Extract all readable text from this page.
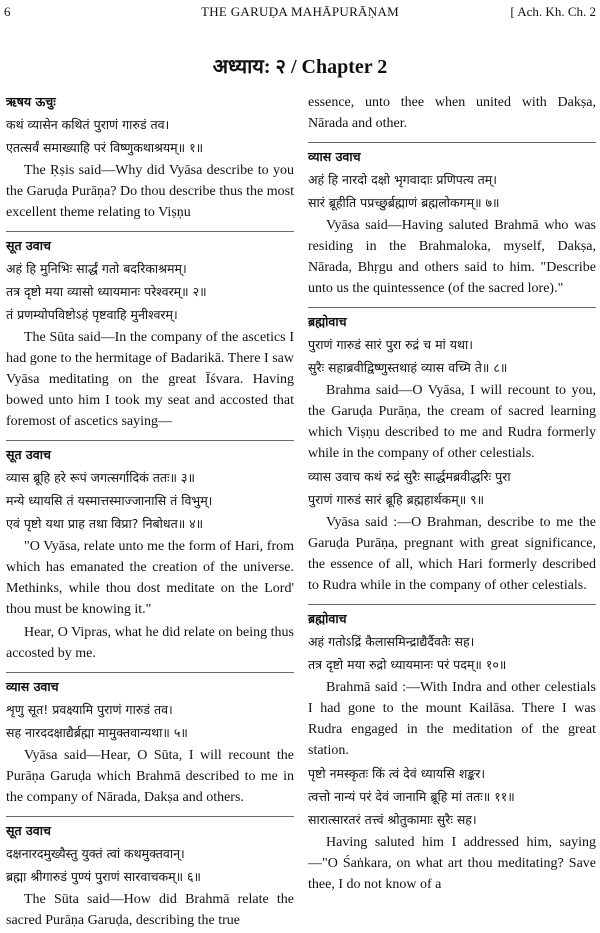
6	THE GARUḌA MAHĀPURĀṆAM	[ Ach. Kh. Ch. 2
अध्याय: २ / Chapter 2

ऋषय ऊचुः

कथं व्यासेन कथितं पुराणं गारुडं तव।

एतत्सर्वं समाख्याहि परं विष्णुकथाश्रयम्॥ १॥

The Ṛṣis said—Why did Vyāsa describe to you the Garuḍa Purāṇa? Do thou describe thus the most excellent theme relating to Viṣṇu

सूत उवाच

अहं हि मुनिभिः सार्द्धं गतो बदरिकाश्रमम्।

तत्र दृष्टो मया व्यासो ध्यायमानः परेश्वरम्॥ २॥

तं प्रणम्योपविष्टोऽहं पृष्टवाहि मुनीश्वरम्।

The Sūta said—In the company of the ascetics I had gone to the hermitage of Badarikā. There I saw Vyāsa meditating on the great Īśvara. Having bowed unto him I took my seat and accosted that foremost of ascetics saying—

सूत उवाच

व्यास ब्रूहि हरे रूपं जगत्सर्गादिकं ततः॥ ३॥

मन्ये ध्यायसि तं यस्मात्तस्माज्जानासि तं विभुम्।

एवं पृष्टो यथा प्राह तथा विप्रा? निबोधत॥ ४॥

"O Vyāsa, relate unto me the form of Hari, from which has emanated the creation of the universe. Methinks, while thou dost meditate on the Lord' thou must be knowing it."

Hear, O Vipras, what he did relate on being thus accosted by me.

व्यास उवाच

शृणु सूत! प्रवक्ष्यामि पुराणं गारुडं तव।

सह नारददक्षाद्यैर्ब्रह्मा मामुक्तवान्यथा॥ ५॥

Vyāsa said—Hear, O Sūta, I will recount the Purāṇa Garuḍa which Brahmā described to me in the company of Nārada, Dakṣa and others.

सूत उवाच

दक्षनारदमुख्यैस्तु युक्तं त्वां कथमुक्तवान्।

ब्रह्मा श्रीगारुडं पुण्यं पुराणं सारवाचकम्॥ ६॥

The Sūta said—How did Brahmā relate the sacred Purāṇa Garuḍa, describing the true

essence, unto thee when united with Dakṣa, Nārada and other.

व्यास उवाच

अहं हि नारदो दक्षो भृगवादाः प्रणिपत्य तम्।

सारं ब्रूहीति पप्रच्छुर्ब्रह्माणं ब्रह्मलोकगम्॥ ७॥

Vyāsa said—Having saluted Brahmā who was residing in the Brahmaloka, myself, Dakṣa, Nārada, Bhṛgu and others said to him. "Describe unto us the quintessence (of the sacred lore)."

ब्रह्मोवाच

पुराणं गारुडं सारं पुरा रुद्रं च मां यथा।

सुरैः सहाब्रवीद्विष्णुस्तथाहं व्यास वच्मि ते॥ ८॥

Brahma said—O Vyāsa, I will recount to you, the Garuḍa Purāṇa, the cream of sacred learning which Viṣṇu described to me and Rudra formerly while in the company of other celestials.

व्यास उवाच कथं रुद्रं सुरैः सार्द्धमब्रवीद्धरिः पुरा

पुराणं गारुडं सारं ब्रूहि ब्रह्महार्थकम्॥ ९॥

Vyāsa said :—O Brahman, describe to me the Garuḍa Purāṇa, pregnant with great significance, the essence of all, which Hari formerly described to Rudra while in the company of other celestials.

ब्रह्मोवाच

अहं गतोऽद्रिं कैलासमिन्द्राद्यैर्दैवतैः सह।

तत्र दृष्टो मया रुद्रो ध्यायमानः परं पदम्॥ १०॥

Brahmā said :—With Indra and other celestials I had gone to the mount Kailāsa. There I was Rudra engaged in the meditation of the great station.

पृष्टो नमस्कृतः किं त्वं देवं ध्यायसि शङ्कर।

त्वत्तो नान्यं परं देवं जानामि ब्रूहि मां ततः॥ ११॥

सारात्सारतरं तत्त्वं श्रोतुकामाः सुरैः सह।

Having saluted him I addressed him, saying—"O Śaṅkara, on what art thou meditating? Save thee, I do not know of a
